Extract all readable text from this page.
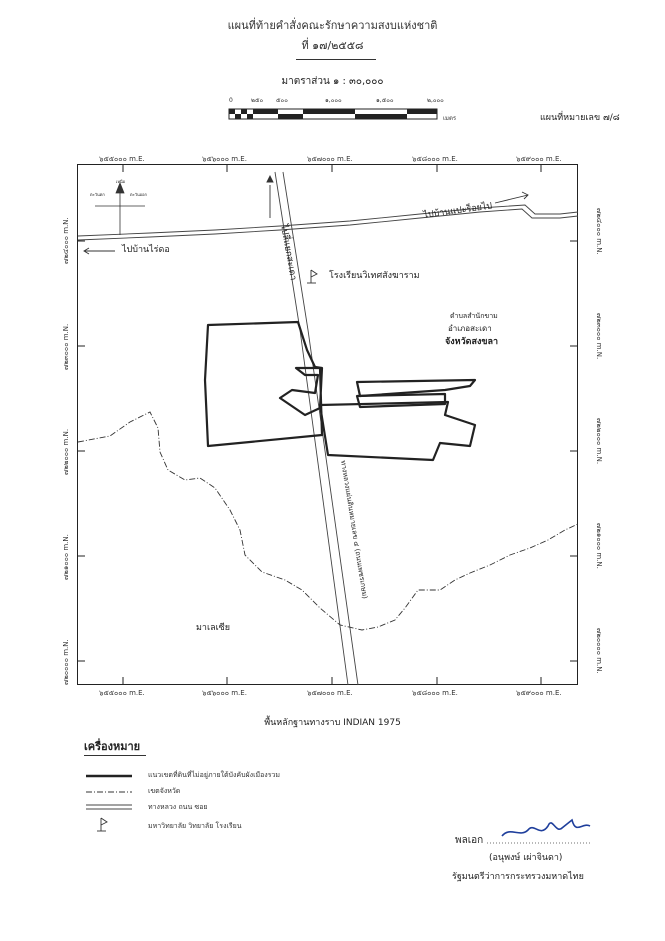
แผนที่ท้ายคำสั่งคณะรักษาความสงบแห่งชาติ
ที่ ๑๗/๒๕๕๘
มาตราส่วน ๑ : ๓๐,๐๐๐
แผนที่หมายเลข ๗/๘
0	๒๕๐ ๕๐๐	๑,๐๐๐	๑,๕๐๐	๒,๐๐๐
เมตร
๖๕๕๐๐๐ m.E.	๖๕๖๐๐๐ m.E.	๖๕๗๐๐๐ m.E.	๖๕๘๐๐๐ m.E.	๖๕๙๐๐๐ m.E.
๖๕๕๐๐๐ m.E.	๖๕๖๐๐๐ m.E.	๖๕๗๐๐๐ m.E.	๖๕๘๐๐๐ m.E.	๖๕๙๐๐๐ m.E.
๗๒๔๐๐๐ m.N.
๗๒๓๐๐๐ m.N.
๗๒๒๐๐๐ m.N.
๗๒๑๐๐๐ m.N.
๗๒๐๐๐๐ m.N.
๗๒๔๐๐๐ m.N.
๗๒๓๐๐๐ m.N.
๗๒๒๐๐๐ m.N.
๗๒๑๐๐๐ m.N.
๗๒๐๐๐๐ m.N.
ตะวันตก	ตะวันออก
เหนือ
ไปบ้านไร่ดอ
ไปบ้านแปะร็อยไป
ไปสี่แยกสะเดา	โรงเรียนวิเทศสังฆาราม
ตำบลสำนักขาม
อำเภอสะเดา
จังหวัดสงขลา
ทางหลวงแผ่นดินหมายเลข ๔ (ถนนเพชรเกษม)
มาเลเซีย
พื้นหลักฐานทางราบ INDIAN 1975
เครื่องหมาย
แนวเขตที่ดินที่ไม่อยู่ภายใต้บังคับผังเมืองรวม
เขตจังหวัด
ทางหลวง ถนน ซอย
มหาวิทยาลัย วิทยาลัย โรงเรียน
พลเอก
(อนุพงษ์ เผ่าจินดา)
รัฐมนตรีว่าการกระทรวงมหาดไทย
